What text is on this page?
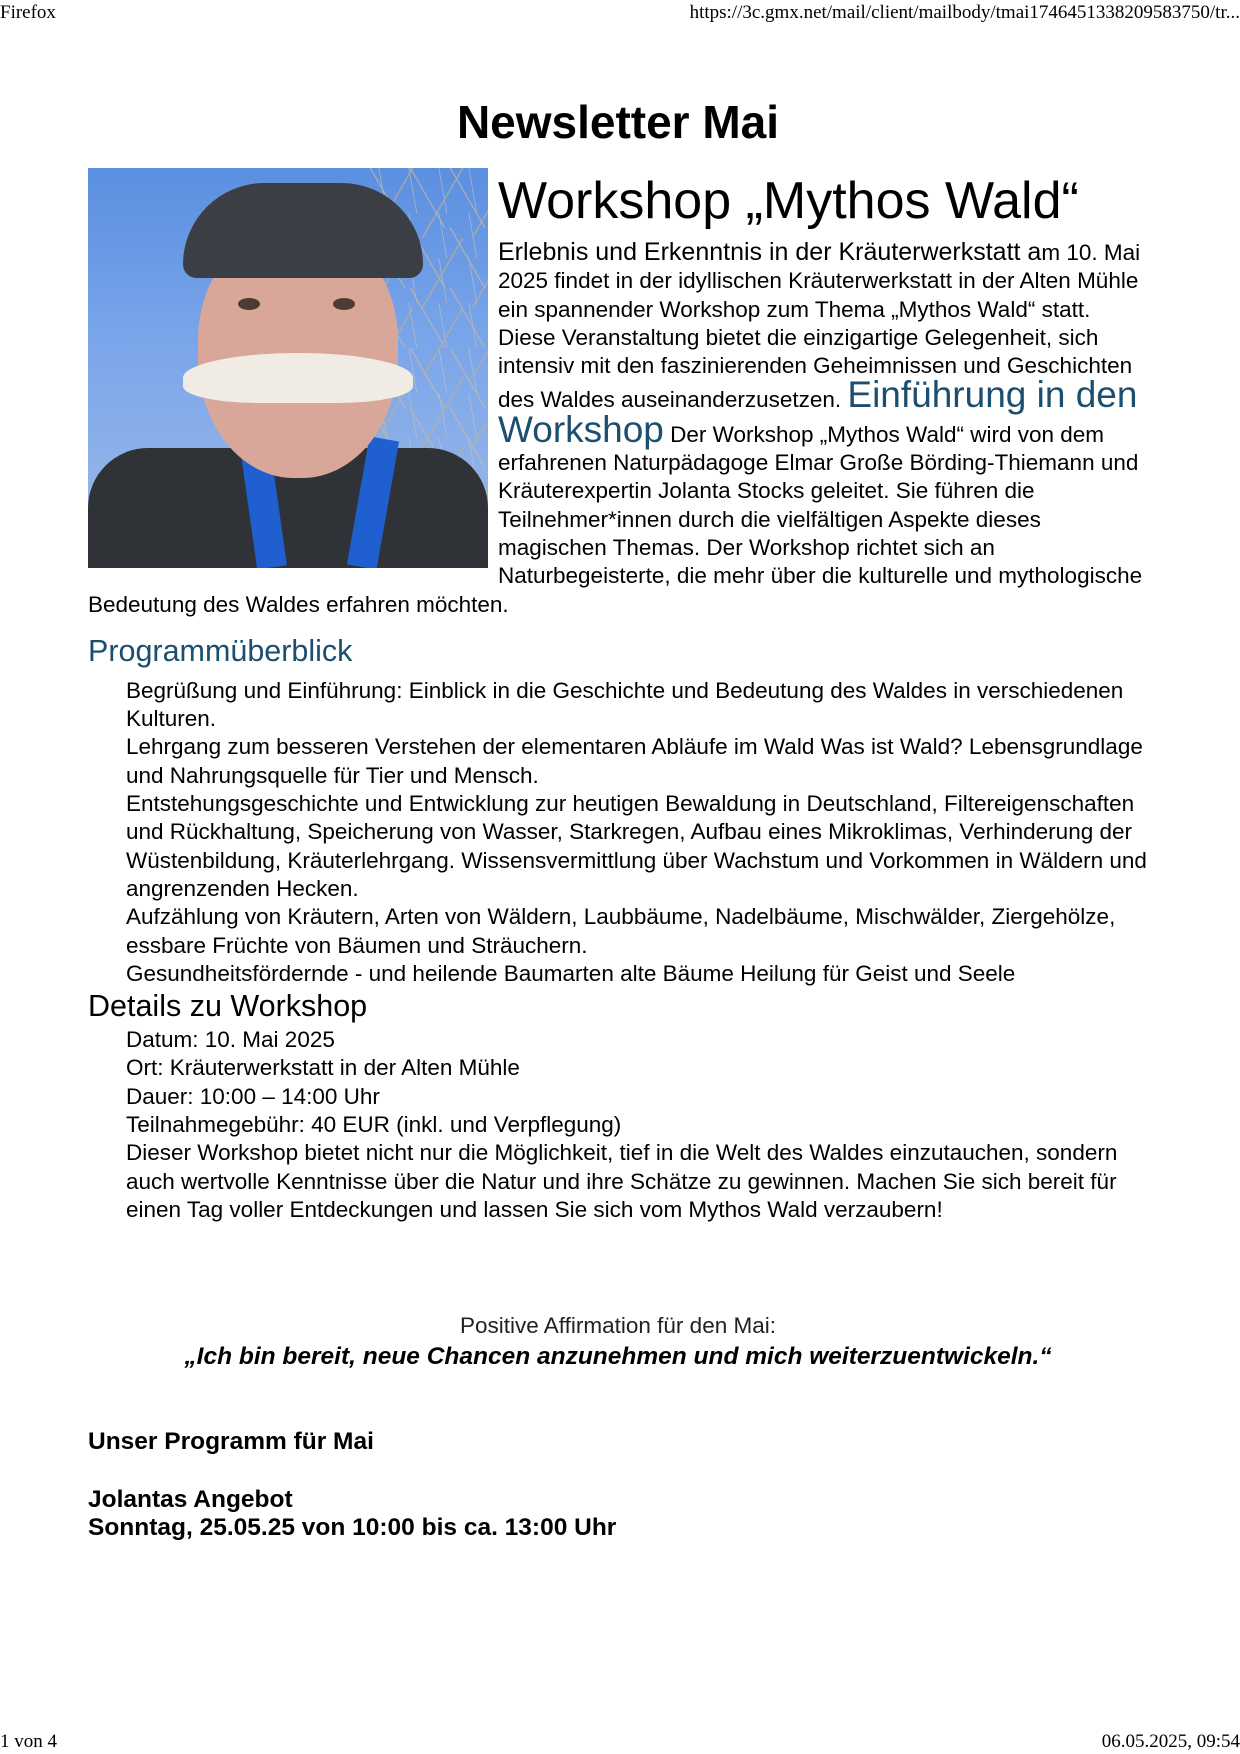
Firefox	https://3c.gmx.net/mail/client/mailbody/tmai1746451338209583750/tr...
Newsletter Mai
Workshop „Mythos Wald“
Erlebnis und Erkenntnis in der Kräuterwerkstatt am 10. Mai 2025 findet in der idyllischen Kräuterwerkstatt in der Alten Mühle ein spannender Workshop zum Thema „Mythos Wald“ statt. Diese Veranstaltung bietet die einzigartige Gelegenheit, sich intensiv mit den faszinierenden Geheimnissen und Geschichten des Waldes auseinanderzusetzen. Einführung in den Workshop Der Workshop „Mythos Wald“ wird von dem erfahrenen Naturpädagoge Elmar Große Börding-Thiemann und Kräuterexpertin Jolanta Stocks geleitet. Sie führen die Teilnehmer*innen durch die vielfältigen Aspekte dieses magischen Themas. Der Workshop richtet sich an Naturbegeisterte, die mehr über die kulturelle und mythologische Bedeutung des Waldes erfahren möchten.
Programmüberblick
Begrüßung und Einführung: Einblick in die Geschichte und Bedeutung des Waldes in verschiedenen Kulturen.
Lehrgang zum besseren Verstehen der elementaren Abläufe im Wald Was ist Wald? Lebensgrundlage und Nahrungsquelle für Tier und Mensch.
Entstehungsgeschichte und Entwicklung zur heutigen Bewaldung in Deutschland, Filtereigenschaften und Rückhaltung, Speicherung von Wasser, Starkregen, Aufbau eines Mikroklimas, Verhinderung der Wüstenbildung, Kräuterlehrgang. Wissensvermittlung über Wachstum und Vorkommen in Wäldern und angrenzenden Hecken.
Aufzählung von Kräutern, Arten von Wäldern, Laubbäume, Nadelbäume, Mischwälder, Ziergehölze, essbare Früchte von Bäumen und Sträuchern.
Gesundheitsfördernde - und heilende Baumarten alte Bäume Heilung für Geist und Seele
Details zu Workshop
Datum: 10. Mai 2025
Ort: Kräuterwerkstatt in der Alten Mühle
Dauer: 10:00 – 14:00 Uhr
Teilnahmegebühr: 40 EUR (inkl. und Verpflegung)
Dieser Workshop bietet nicht nur die Möglichkeit, tief in die Welt des Waldes einzutauchen, sondern auch wertvolle Kenntnisse über die Natur und ihre Schätze zu gewinnen. Machen Sie sich bereit für einen Tag voller Entdeckungen und lassen Sie sich vom Mythos Wald verzaubern!
Positive Affirmation für den Mai:
„Ich bin bereit, neue Chancen anzunehmen und mich weiterzuentwickeln.“
Unser Programm für Mai
Jolantas Angebot
Sonntag, 25.05.25 von 10:00 bis ca. 13:00 Uhr
1 von 4	06.05.2025, 09:54
